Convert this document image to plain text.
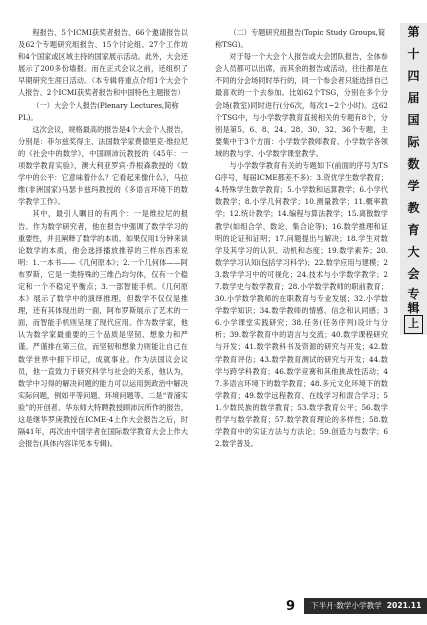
程报告、5个ICMI获奖者报告、66个邀请报告以及62个专题研究组报告、15个讨论组、27个工作坊和4个国家或区域主持的国家展示活动。此外，大会还展示了200多份墙报。而在正式会议之前，还组织了早期研究生涯日活动。（本专辑将重点介绍1个大会个人报告、2个ICMI获奖者报告和中国特色主题报告）

（一）大会个人报告(Plenary Lectures,简称PL)。

这次会议，规格最高的报告是4个大会个人报告，分别是：菲尔兹奖得主、法国数学家费德里克·维拉尼的《社会中的数学》，中国顾沛沅教授的《45年：一项数学教育实验》，澳大利亚罗宾·乔根森教授的《数学中的公平：它意味着什么？它看起来像什么》，马拉维(非洲国家)马瑟卡兹玛教授的《多语言环境下的数学教学工作》。

其中，最引人瞩目的有两个：一是维拉尼的报告。作为数学研究者，他在报告中强调了数学学习的重要性，并且阐释了数学的本质。如果仅用1分钟来谈论数学的本质，他会选择播放推荐的三样东西来说明：1.一本书——《几何原本》；2.一个几何体——阿布罗斯，它是一类特殊的三维凸均匀体，仅有一个稳定和一个不稳定平衡点；3.一部智能手机。《几何原本》展示了数学中的演绎推理，但数学不仅仅是推理，还有其体现出的一面，阿布罗斯展示了艺术的一面，而智能手机则呈现了现代应用。作为数学家，他认为数学家最重要的三个品质是坚韧、想象力和严谨。严谨排在第三位，而坚韧和想象力则能让自己在数学世界中拥下印记，成就事业。作为法国议会议员，他一直致力于研究科学与社会的关系，他认为，数学中习得的解决问题的能力可以运用到政治中解决实际问题，例如平等问题、环境问题等。二是“青浦实验”的开创者、华东师大特聘教授顾沛沅所作的报告，这是继华罗庚教授在ICME-4上作大会报告之后，时隔41年，再次由中国学者在国际数学教育大会上作大会报告(具体内容详见本专辑)。

（二）专题研究组报告(Topic Study Groups,简称TSG)。

对于每一个大会个人报告或大会团队报告，全体参会人员都可以出席，而其余的报告或活动，往往都是在不同的分会场同时举行的，同一个参会者只能选择自己最喜欢的一个去参加。比如62个TSG，分别在多个分会场(教室)同时进行(分6次，每次1~2个小时)。这62个TSG中，与小学数学教育直接相关的专题有8个，分别是第5、6、8、24、28、30、32、36个专题，主要集中于3个方面：小学数学教师教育、小学数学各领域的教与学、小学数学课堂教学。

与小学数学教育有关的专题如下(前面的序号为TSG序号，每届ICME都差不多)：3.资优学生数学教育；4.特殊学生数学教育；5.小学数和运算教学；6.小学代数教学；8.小学几何教学；10.测量教学；11.概率教学；12.统计教学；14.编程与算法教学；15.离散数学教学(如组合学、数论、集合论等)；16.数学推理和证明的论证和证明；17.问题提出与解决；18.学生对数学及其学习的认识、动机和态度；19.数学素养；20.数学学习认知(包括学习科学)；22.数学应用与建模；23.数学学习中的可视化；24.技术与小学数学教学；27.数学史与数学教育；28.小学数学教师的职前教育；30.小学数学教师的在职教育与专业发展；32.小学数学数学知识；34.数学教师的情感、信念和认同感；36.小学课堂实践研究；38.任务(任务序列)设计与分析；39.数学教育中的语言与交流；40.数学课程研究与开发；41.数学教科书及资源的研究与开发；42.数学教育评估；43.数学教育测试的研究与开发；44.数学与跨学科教育；46.数学竞赛和其他挑战性活动；47.多语言环境下的数学教育；48.多元文化环境下的数学教育；49.数学远程教育、在线学习和混合学习；51.少数民族的数学教育；53.数学教育公平；56.数学哲学与数学教育；57.数学教育理论的多样性；58.数学教育中的实证方法与方法论；59.创造力与数学；62.数学普及。

第
十
四
届
国
际
数
学
教
育
大
会
专
辑
上
9	下半月·数学小学教学 2021.11
